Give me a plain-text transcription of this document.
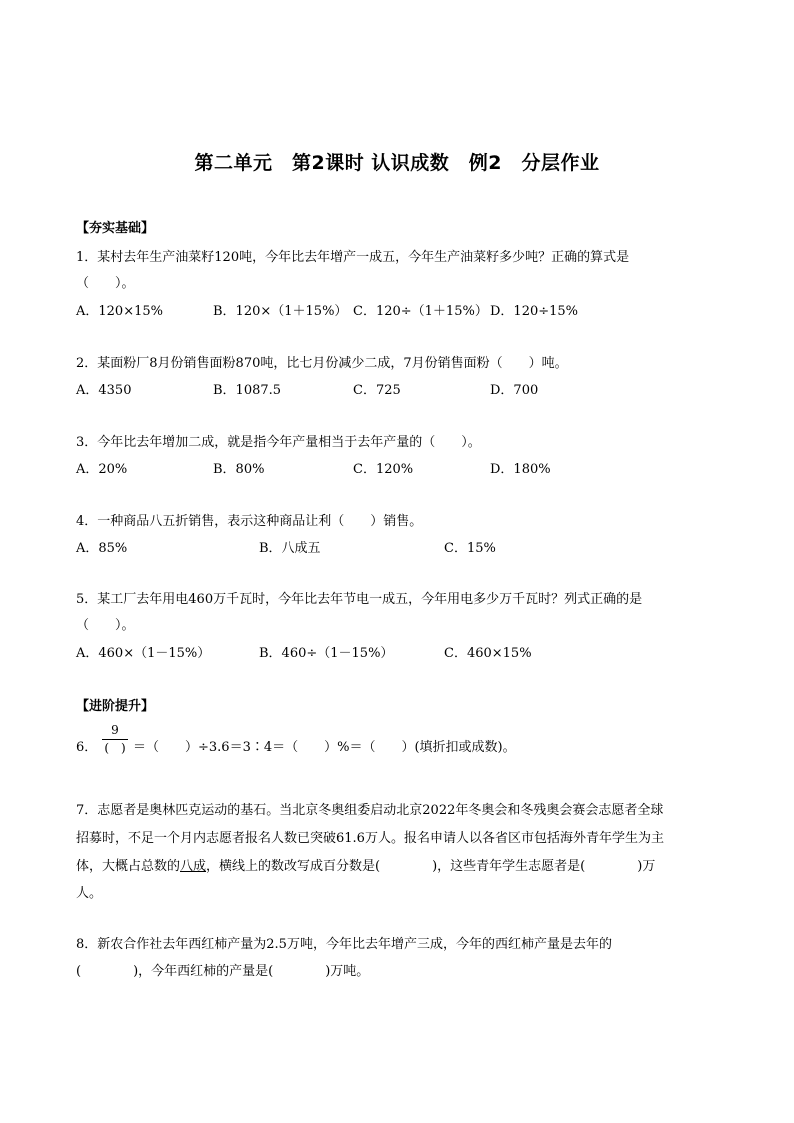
第二单元　第2课时 认识成数　例2　分层作业
【夯实基础】
1．某村去年生产油菜籽120吨，今年比去年增产一成五，今年生产油菜籽多少吨？正确的算式是
（　　）。
A．120×15%	B．120×（1＋15%） C．120÷（1＋15%） D．120÷15%
2．某面粉厂8月份销售面粉870吨，比七月份减少二成，7月份销售面粉（　　）吨。
A．4350	B．1087.5	C．725	D．700
3．今年比去年增加二成，就是指今年产量相当于去年产量的（　　）。
A．20%	B．80%	C．120%	D．180%
4．一种商品八五折销售，表示这种商品让利（　　）销售。
A．85%	B．八成五	C．15%
5．某工厂去年用电460万千瓦时，今年比去年节电一成五，今年用电多少万千瓦时？列式正确的是
（　　）。
A．460×（1－15%）	B．460÷（1－15%）	C．460×15%
【进阶提升】
6．
9
(　) ＝（　　）÷3.6＝3∶4＝（　　）%＝（　　）(填折扣或成数)。
7．志愿者是奥林匹克运动的基石。当北京冬奥组委启动北京2022年冬奥会和冬残奥会赛会志愿者全球
招募时，不足一个月内志愿者报名人数已突破61.6万人。报名申请人以各省区市包括海外青年学生为主
体，大概占总数的八成，横线上的数改写成百分数是(　　　　)，这些青年学生志愿者是(　　　　)万
人。
8．新农合作社去年西红柿产量为2.5万吨，今年比去年增产三成，今年的西红柿产量是去年的
(　　　　)，今年西红柿的产量是(　　　　)万吨。
